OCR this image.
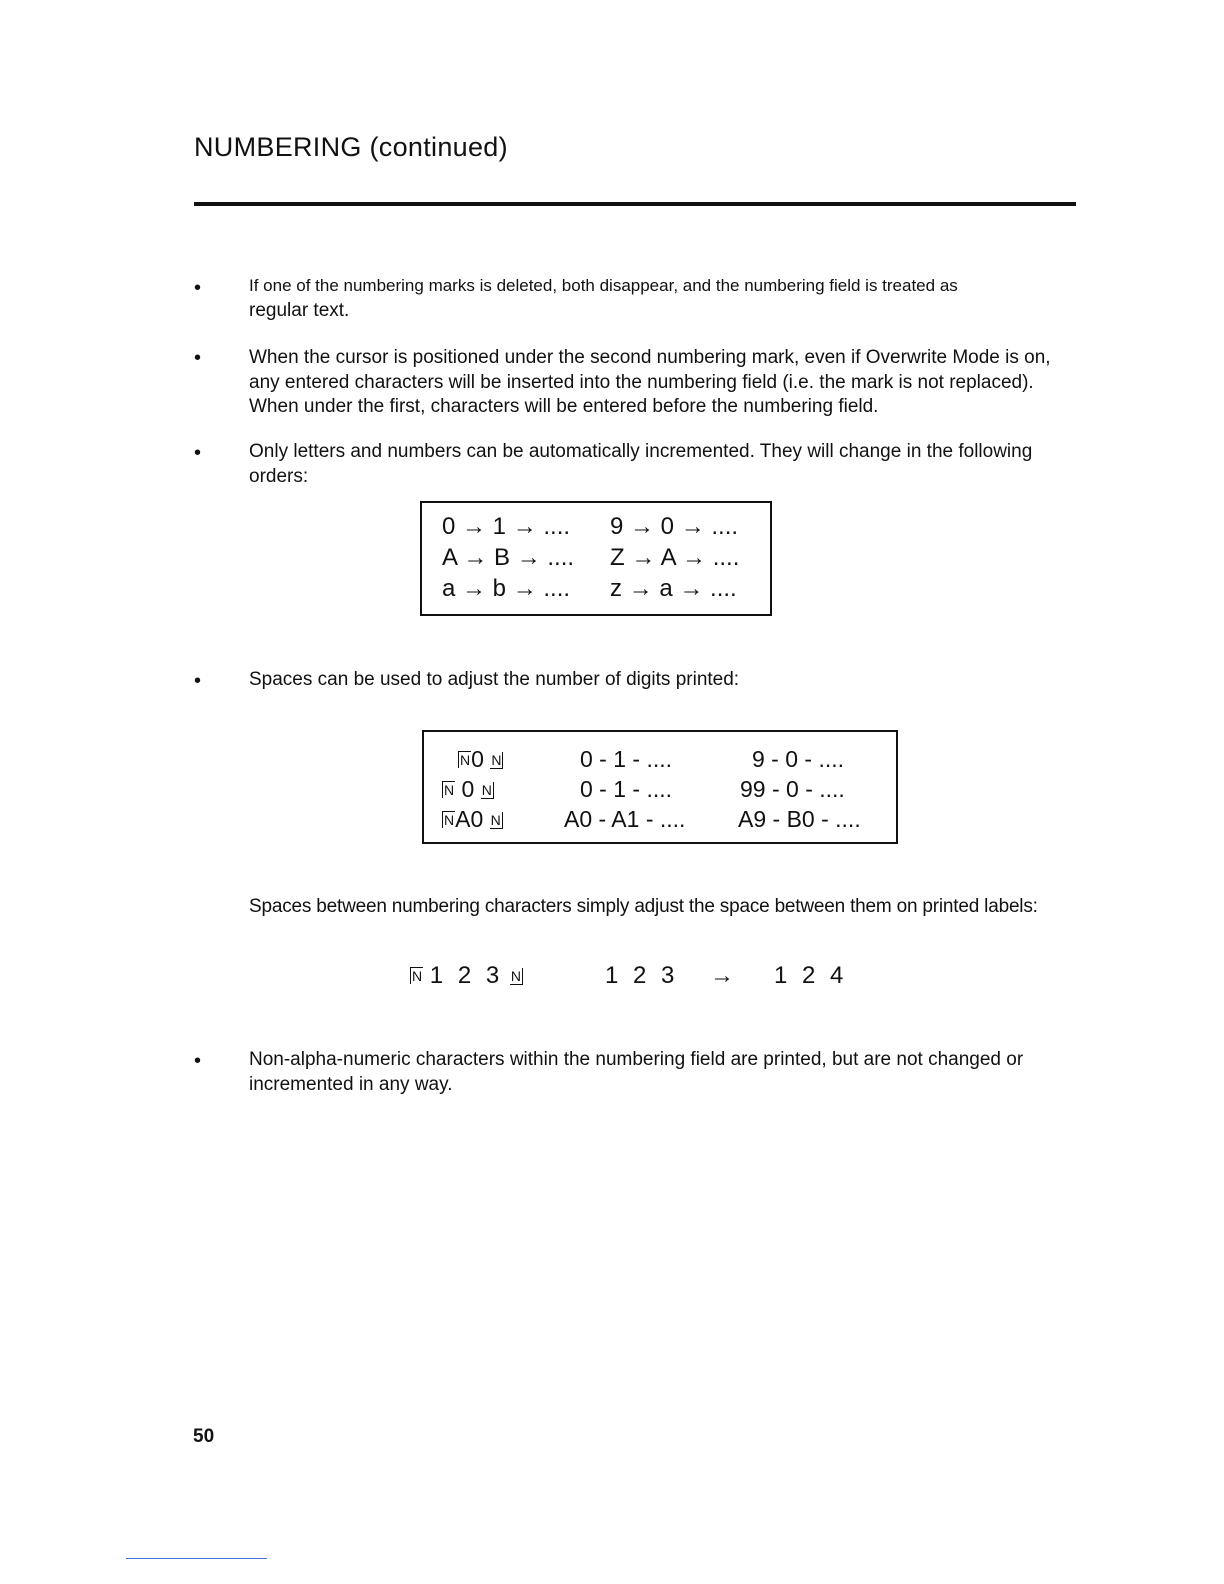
NUMBERING (continued)
•	If one of the numbering marks is deleted, both disappear, and the numbering field is treated as
regular text.
•	When the cursor is positioned under the second numbering mark, even if Overwrite Mode is on,
any entered characters will be inserted into the numbering field (i.e. the mark is not replaced).
When under the first, characters will be entered before the numbering field.
•	Only letters and numbers can be automatically incremented. They will change in the following
orders:
0 → 1 → .... 9 → 0 → ....
A → B → .... Z → A → ....
a → b → .... z → a → ....
•	Spaces can be used to adjust the number of digits printed:
N0 N	0 - 1 - ....	9 - 0 - ....
N 0 N	0 - 1 - ....	99 - 0 - ....
NA0 N	A0 - A1 - .... A9 - B0 - ....
Spaces between numbering characters simply adjust the space between them on printed labels:
N 1 2 3 N	1 2 3 → 1 2 4
•	Non-alpha-numeric characters within the numbering field are printed, but are not changed or
incremented in any way.
50
